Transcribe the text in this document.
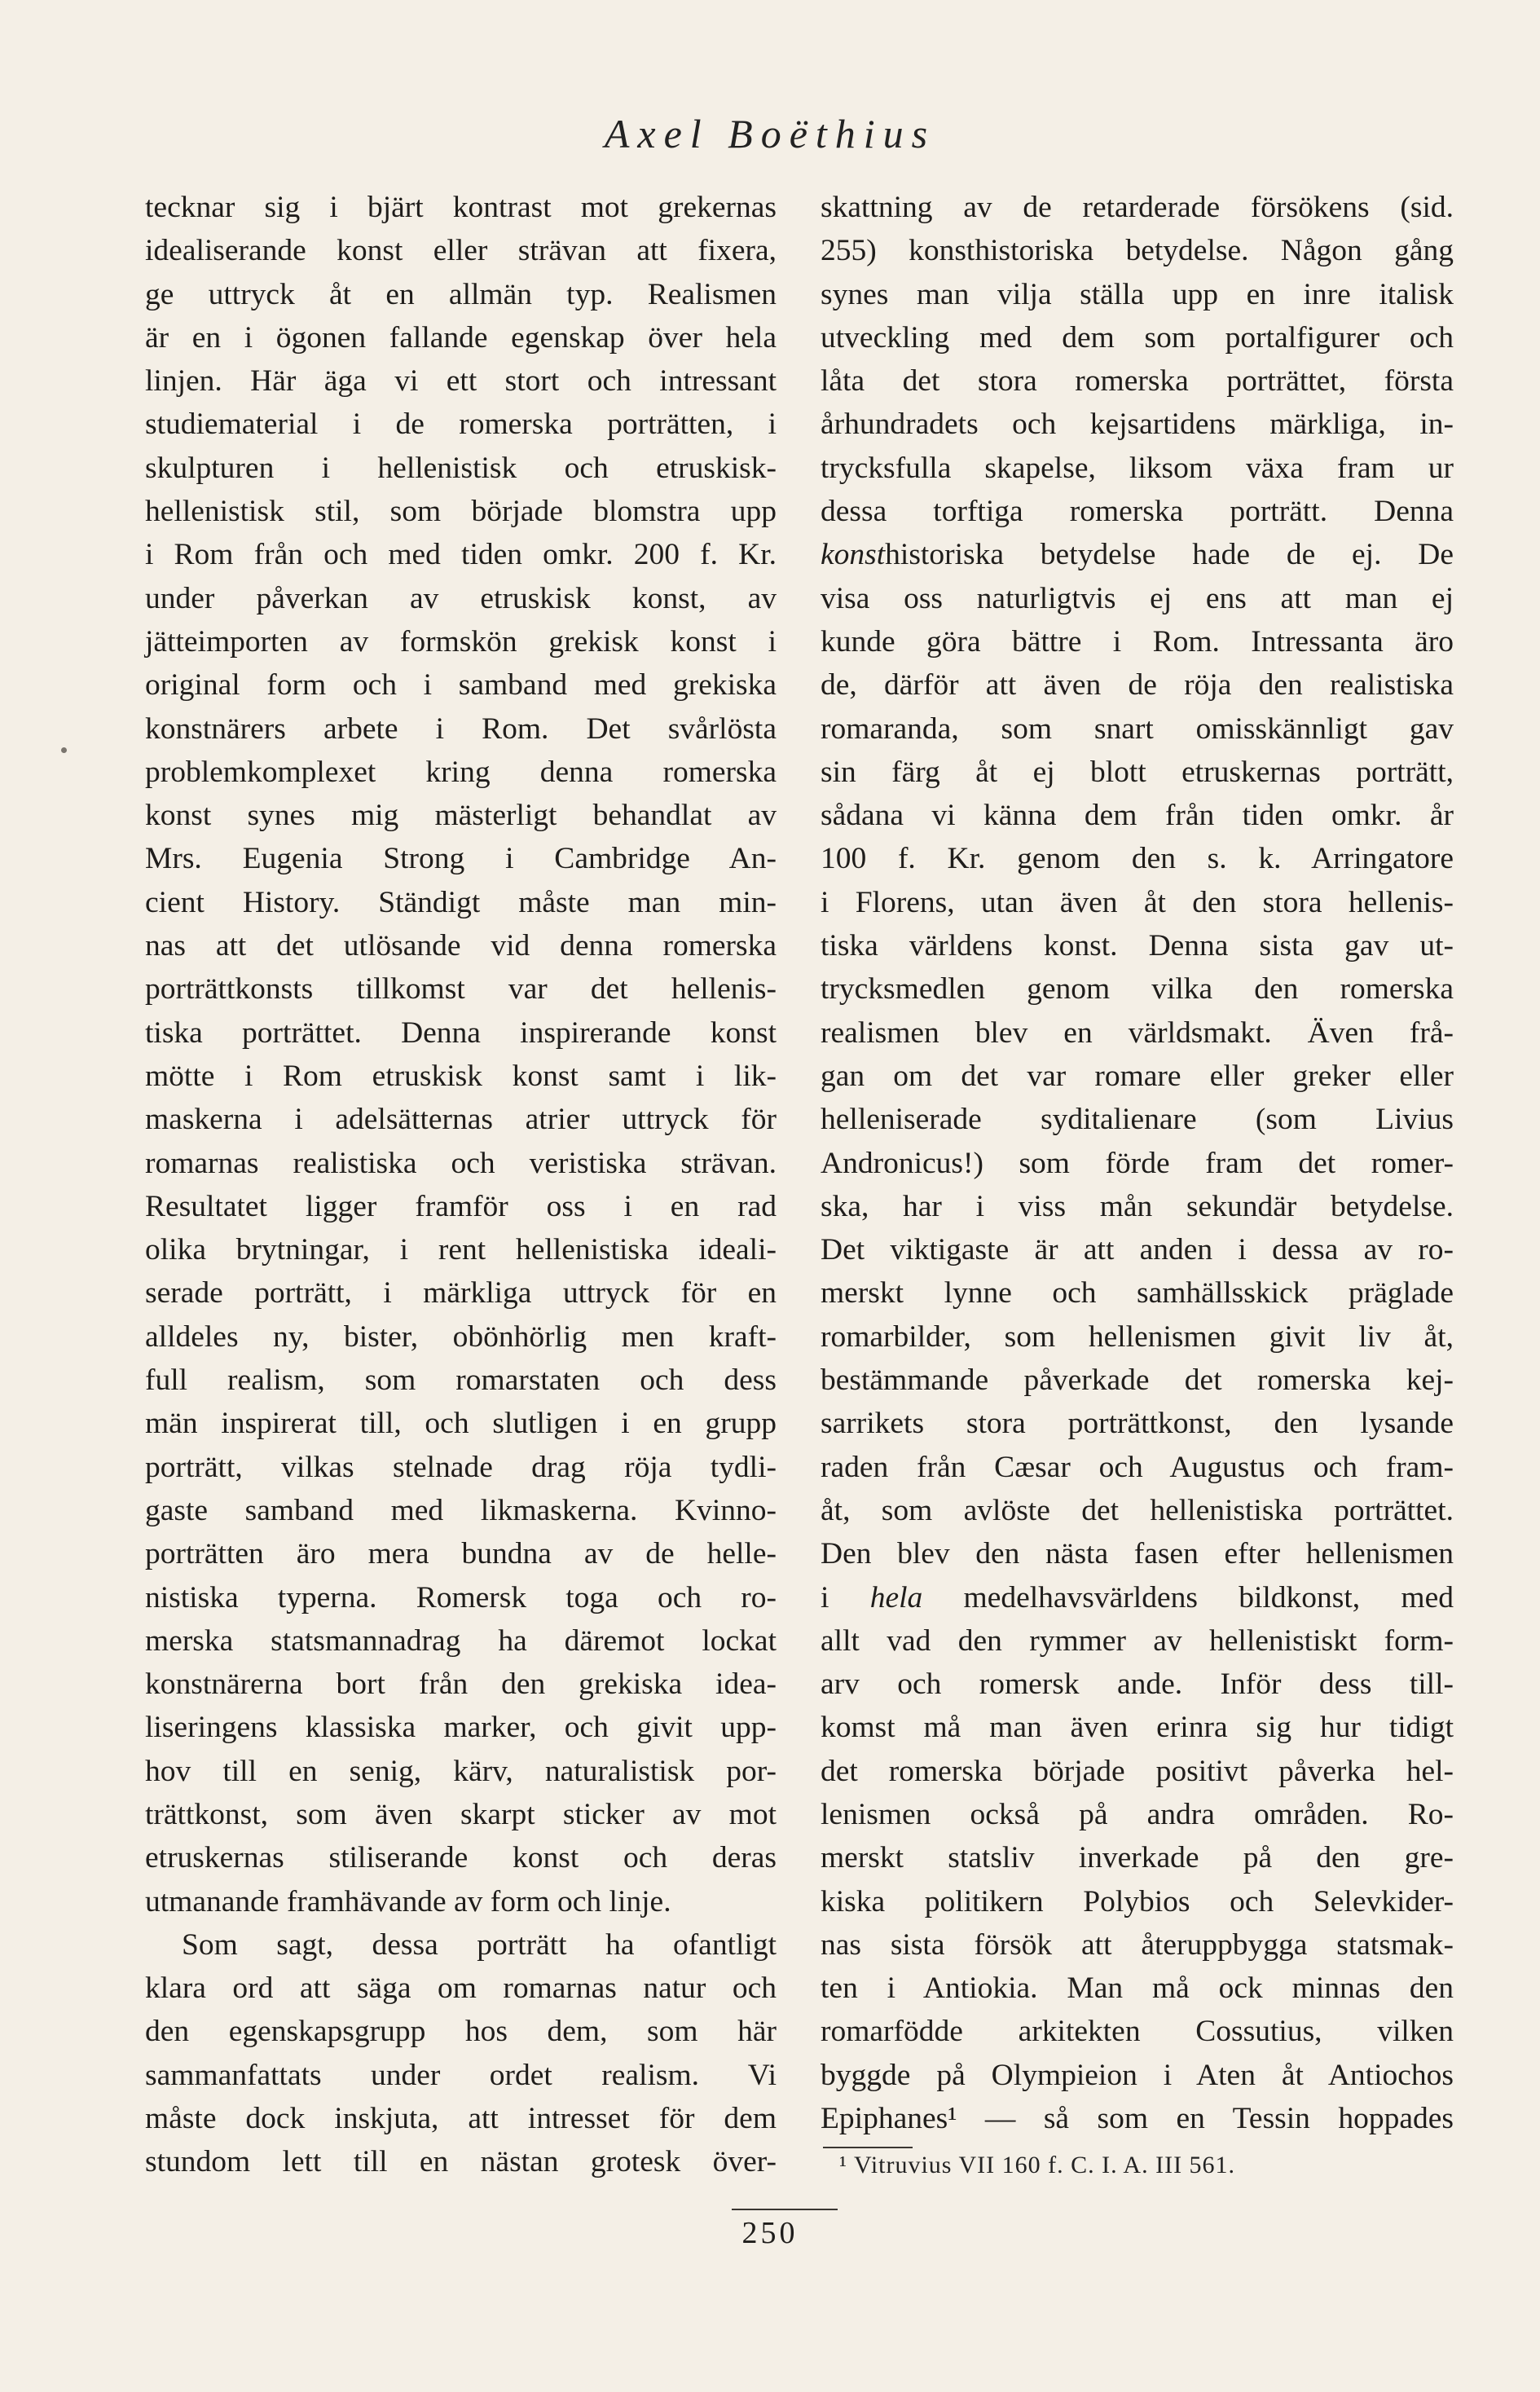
Axel Boëthius
tecknar sig i bjärt kontrast mot grekernas
idealiserande konst eller strävan att fixera,
ge uttryck åt en allmän typ. Realismen
är en i ögonen fallande egenskap över hela
linjen. Här äga vi ett stort och intressant
studiematerial i de romerska porträtten, i
skulpturen i hellenistisk och etruskisk-
hellenistisk stil, som började blomstra upp
i Rom från och med tiden omkr. 200 f. Kr.
under påverkan av etruskisk konst, av
jätteimporten av formskön grekisk konst i
original form och i samband med grekiska
konstnärers arbete i Rom. Det svårlösta
problemkomplexet kring denna romerska
konst synes mig mästerligt behandlat av
Mrs. Eugenia Strong i Cambridge An-
cient History. Ständigt måste man min-
nas att det utlösande vid denna romerska
porträttkonsts tillkomst var det hellenis-
tiska porträttet. Denna inspirerande konst
mötte i Rom etruskisk konst samt i lik-
maskerna i adelsätternas atrier uttryck för
romarnas realistiska och veristiska strävan.
Resultatet ligger framför oss i en rad
olika brytningar, i rent hellenistiska ideali-
serade porträtt, i märkliga uttryck för en
alldeles ny, bister, obönhörlig men kraft-
full realism, som romarstaten och dess
män inspirerat till, och slutligen i en grupp
porträtt, vilkas stelnade drag röja tydli-
gaste samband med likmaskerna. Kvinno-
porträtten äro mera bundna av de helle-
nistiska typerna. Romersk toga och ro-
merska statsmannadrag ha däremot lockat
konstnärerna bort från den grekiska idea-
liseringens klassiska marker, och givit upp-
hov till en senig, kärv, naturalistisk por-
trättkonst, som även skarpt sticker av mot
etruskernas stiliserande konst och deras
utmanande framhävande av form och linje.
Som sagt, dessa porträtt ha ofantligt
klara ord att säga om romarnas natur och
den egenskapsgrupp hos dem, som här
sammanfattats under ordet realism. Vi
måste dock inskjuta, att intresset för dem
stundom lett till en nästan grotesk över-
skattning av de retarderade försökens (sid.
255) konsthistoriska betydelse. Någon gång
synes man vilja ställa upp en inre italisk
utveckling med dem som portalfigurer och
låta det stora romerska porträttet, första
århundradets och kejsartidens märkliga, in-
trycksfulla skapelse, liksom växa fram ur
dessa torftiga romerska porträtt. Denna
konsthistoriska betydelse hade de ej. De
visa oss naturligtvis ej ens att man ej
kunde göra bättre i Rom. Intressanta äro
de, därför att även de röja den realistiska
romaranda, som snart omisskännligt gav
sin färg åt ej blott etruskernas porträtt,
sådana vi känna dem från tiden omkr. år
100 f. Kr. genom den s. k. Arringatore
i Florens, utan även åt den stora hellenis-
tiska världens konst. Denna sista gav ut-
trycksmedlen genom vilka den romerska
realismen blev en världsmakt. Även frå-
gan om det var romare eller greker eller
helleniserade syditalienare (som Livius
Andronicus!) som förde fram det romer-
ska, har i viss mån sekundär betydelse.
Det viktigaste är att anden i dessa av ro-
merskt lynne och samhällsskick präglade
romarbilder, som hellenismen givit liv åt,
bestämmande påverkade det romerska kej-
sarrikets stora porträttkonst, den lysande
raden från Cæsar och Augustus och fram-
åt, som avlöste det hellenistiska porträttet.
Den blev den nästa fasen efter hellenismen
i hela medelhavsvärldens bildkonst, med
allt vad den rymmer av hellenistiskt form-
arv och romersk ande. Inför dess till-
komst må man även erinra sig hur tidigt
det romerska började positivt påverka hel-
lenismen också på andra områden. Ro-
merskt statsliv inverkade på den gre-
kiska politikern Polybios och Selevkider-
nas sista försök att återuppbygga statsmak-
ten i Antiokia. Man må ock minnas den
romarfödde arkitekten Cossutius, vilken
byggde på Olympieion i Aten åt Antiochos
Epiphanes¹ — så som en Tessin hoppades
¹ Vitruvius VII 160 f. C. I. A. III 561.
250
